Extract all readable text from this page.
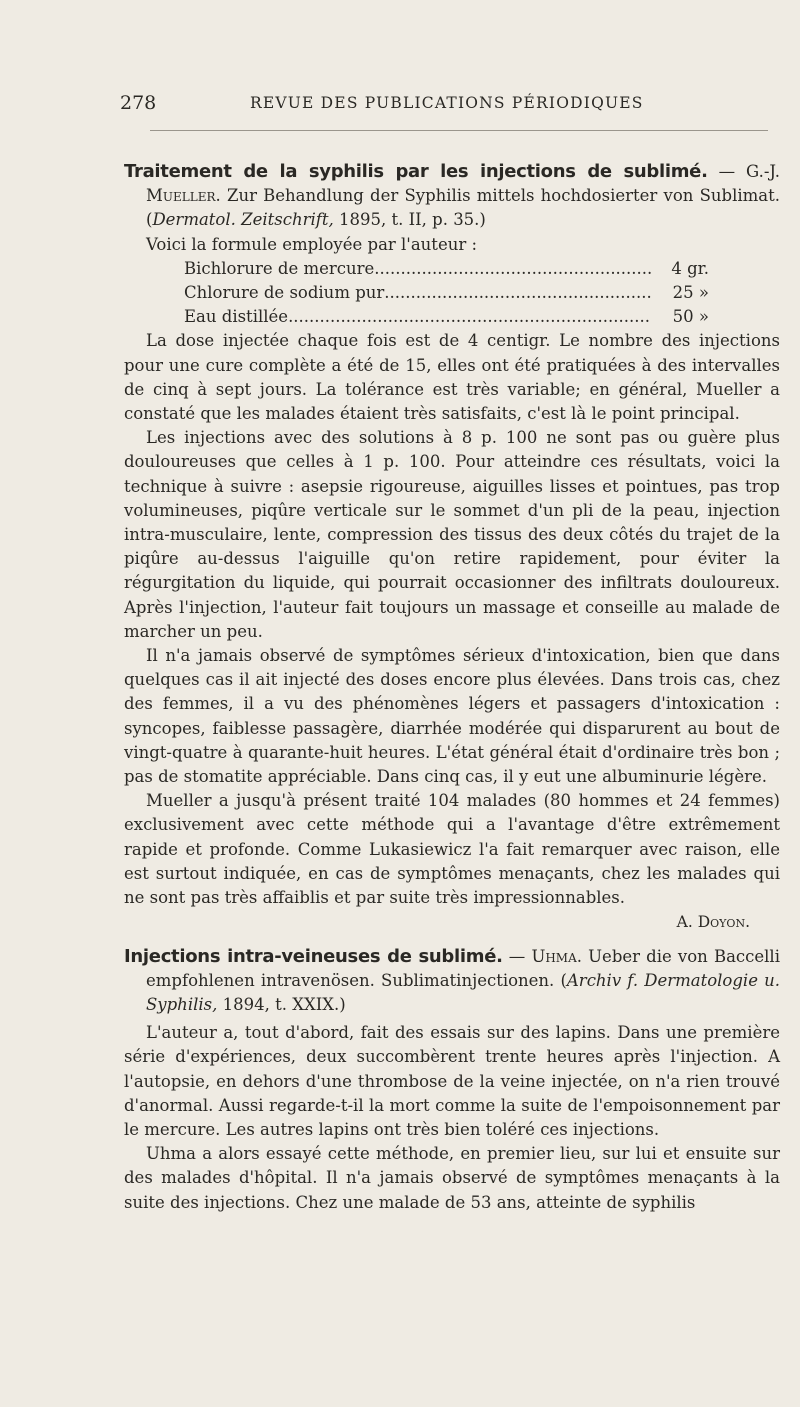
278	REVUE DES PUBLICATIONS PÉRIODIQUES

Traitement de la syphilis par les injections de sublimé. — G.-J. Mueller. Zur Behandlung der Syphilis mittels hochdosierter von Sublimat. (Dermatol. Zeitschrift, 1895, t. II, p. 35.)

Voici la formule employée par l'auteur :

Bichlorure de mercure .....	4 gr.
Chlorure de sodium pur .....	25 »
Eau distillée .....	50 »

La dose injectée chaque fois est de 4 centigr. Le nombre des injections pour une cure complète a été de 15, elles ont été pratiquées à des intervalles de cinq à sept jours. La tolérance est très variable; en général, Mueller a constaté que les malades étaient très satisfaits, c'est là le point principal.

Les injections avec des solutions à 8 p. 100 ne sont pas ou guère plus douloureuses que celles à 1 p. 100. Pour atteindre ces résultats, voici la technique à suivre : asepsie rigoureuse, aiguilles lisses et pointues, pas trop volumineuses, piqûre verticale sur le sommet d'un pli de la peau, injection intra-musculaire, lente, compression des tissus des deux côtés du trajet de la piqûre au-dessus l'aiguille qu'on retire rapidement, pour éviter la régurgitation du liquide, qui pourrait occasionner des infiltrats douloureux. Après l'injection, l'auteur fait toujours un massage et conseille au malade de marcher un peu.

Il n'a jamais observé de symptômes sérieux d'intoxication, bien que dans quelques cas il ait injecté des doses encore plus élevées. Dans trois cas, chez des femmes, il a vu des phénomènes légers et passagers d'intoxication : syncopes, faiblesse passagère, diarrhée modérée qui disparurent au bout de vingt-quatre à quarante-huit heures. L'état général était d'ordinaire très bon ; pas de stomatite appréciable. Dans cinq cas, il y eut une albuminurie légère.

Mueller a jusqu'à présent traité 104 malades (80 hommes et 24 femmes) exclusivement avec cette méthode qui a l'avantage d'être extrêmement rapide et profonde. Comme Lukasiewicz l'a fait remarquer avec raison, elle est surtout indiquée, en cas de symptômes menaçants, chez les malades qui ne sont pas très affaiblis et par suite très impressionnables.

A. Doyon.

Injections intra-veineuses de sublimé. — Uhma. Ueber die von Baccelli empfohlenen intravenösen. Sublimatinjectionen. (Archiv f. Dermatologie u. Syphilis, 1894, t. XXIX.)

L'auteur a, tout d'abord, fait des essais sur des lapins. Dans une première série d'expériences, deux succombèrent trente heures après l'injection. A l'autopsie, en dehors d'une thrombose de la veine injectée, on n'a rien trouvé d'anormal. Aussi regarde-t-il la mort comme la suite de l'empoisonnement par le mercure. Les autres lapins ont très bien toléré ces injections.

Uhma a alors essayé cette méthode, en premier lieu, sur lui et ensuite sur des malades d'hôpital. Il n'a jamais observé de symptômes menaçants à la suite des injections. Chez une malade de 53 ans, atteinte de syphilis
